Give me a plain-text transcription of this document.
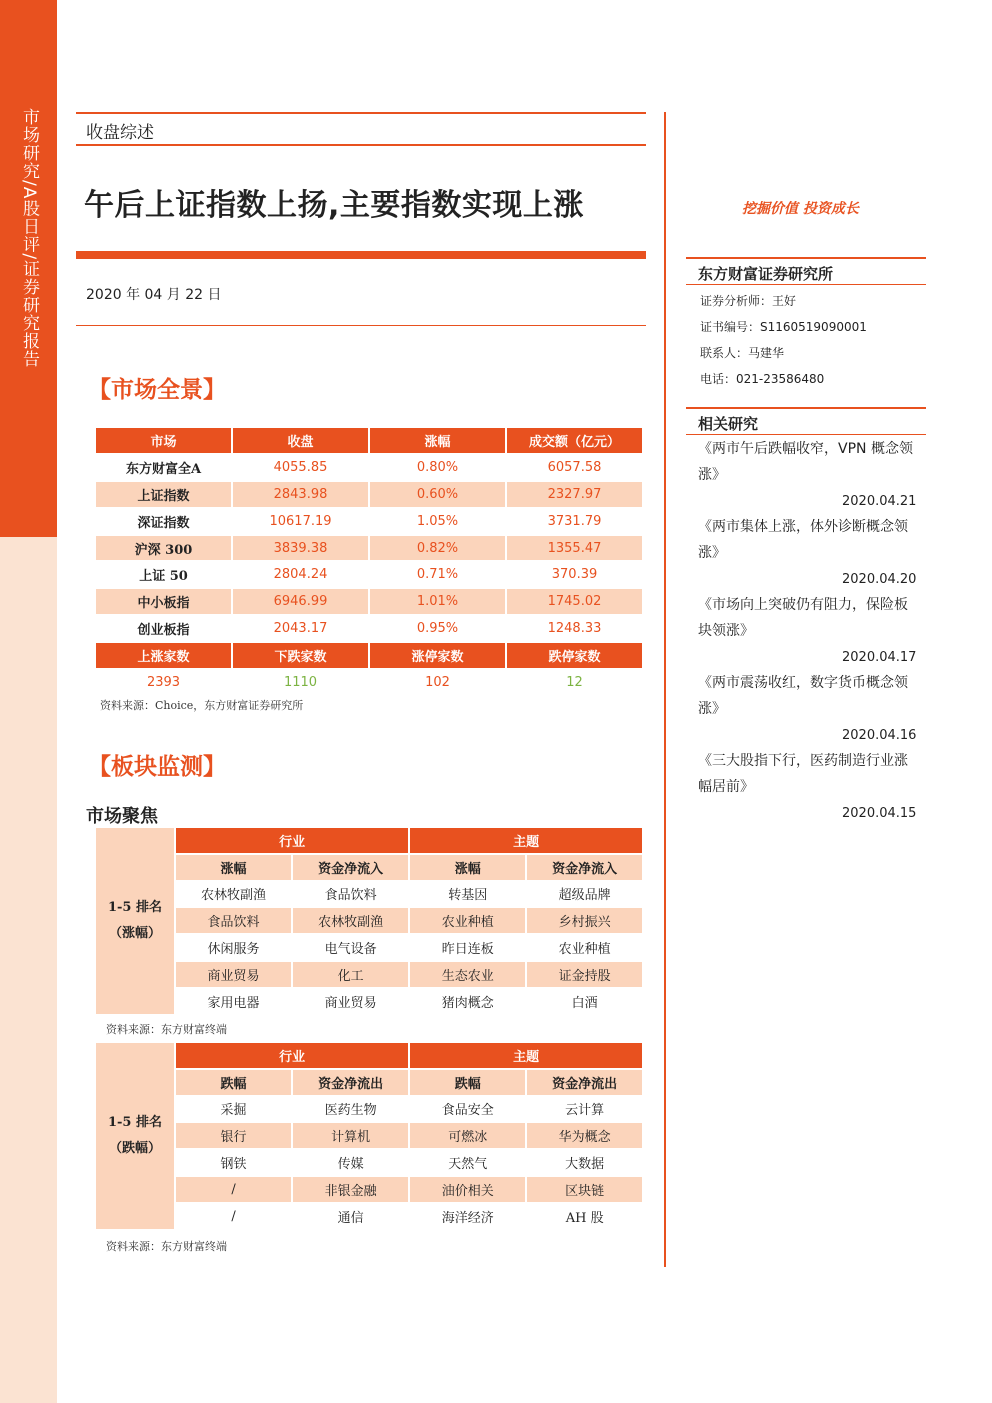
市场研究/A股日评/证券研究报告	收盘综述
午后上证指数上扬,主要指数实现上涨
2020 年 04 月 22 日
【市场全景】
市场	收盘	涨幅	成交额（亿元）
东方财富全A	4055.85	0.80%	6057.58
上证指数	2843.98	0.60%	2327.97
深证指数	10617.19	1.05%	3731.79
沪深 300	3839.38	0.82%	1355.47
上证 50	2804.24	0.71%	370.39
中小板指	6946.99	1.01%	1745.02
创业板指	2043.17	0.95%	1248.33
上涨家数	下跌家数	涨停家数	跌停家数
2393	1110	102	12
资料来源：Choice，东方财富证券研究所
【板块监测】
市场聚焦
1-5 排名
（涨幅）	行业		主题	
	涨幅	资金净流入	涨幅	资金净流入
	农林牧副渔	食品饮料	转基因	超级品牌
	食品饮料	农林牧副渔	农业种植	乡村振兴
	休闲服务	电气设备	昨日连板	农业种植
	商业贸易	化工	生态农业	证金持股
	家用电器	商业贸易	猪肉概念	白酒
资料来源：东方财富终端
1-5 排名
（跌幅）	行业		主题	
	跌幅	资金净流出	跌幅	资金净流出
	采掘	医药生物	食品安全	云计算
	银行	计算机	可燃冰	华为概念
	钢铁	传媒	天然气	大数据
	/	非银金融	油价相关	区块链
	/	通信	海洋经济	AH 股
资料来源：东方财富终端
挖掘价值 投资成长
东方财富证券研究所
证券分析师：王好
证书编号：S1160519090001
联系人：马建华
电话：021-23586480
相关研究
《两市午后跌幅收窄，VPN 概念领涨》
2020.04.21
《两市集体上涨，体外诊断概念领涨》
2020.04.20
《市场向上突破仍有阻力，保险板块领涨》
2020.04.17
《两市震荡收红，数字货币概念领涨》
2020.04.16
《三大股指下行，医药制造行业涨幅居前》
2020.04.15
